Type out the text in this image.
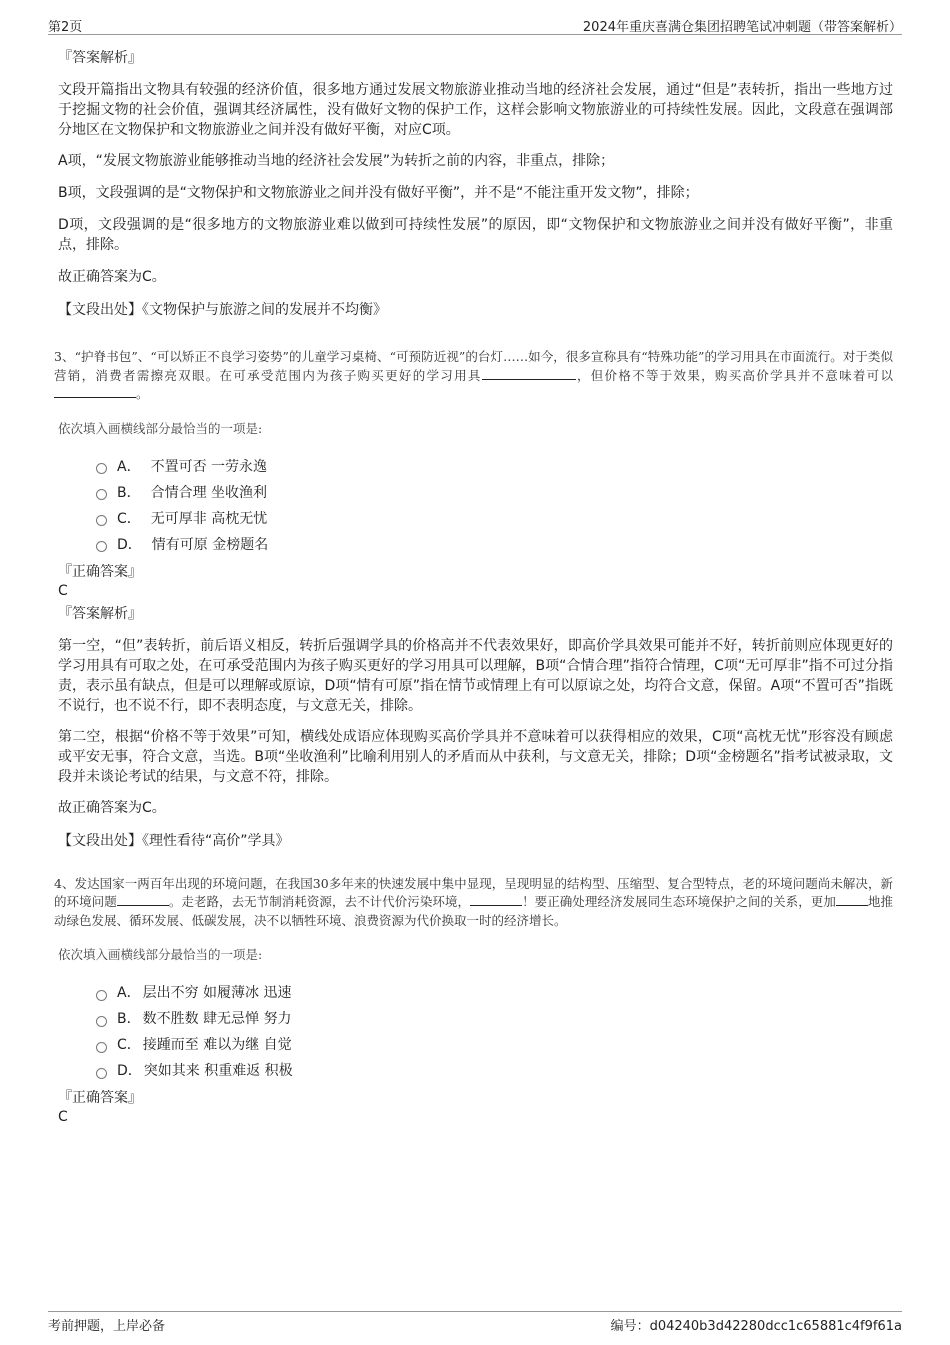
第2页	2024年重庆喜满仓集团招聘笔试冲刺题（带答案解析）

『答案解析』

文段开篇指出文物具有较强的经济价值，很多地方通过发展文物旅游业推动当地的经济社会发展，通过“但是”表转折，指出一些地方过于挖掘文物的社会价值，强调其经济属性，没有做好文物的保护工作，这样会影响文物旅游业的可持续性发展。因此，文段意在强调部分地区在文物保护和文物旅游业之间并没有做好平衡，对应C项。

A项，“发展文物旅游业能够推动当地的经济社会发展”为转折之前的内容，非重点，排除；

B项，文段强调的是“文物保护和文物旅游业之间并没有做好平衡”，并不是“不能注重开发文物”，排除；

D项，文段强调的是“很多地方的文物旅游业难以做到可持续性发展”的原因，即“文物保护和文物旅游业之间并没有做好平衡”，非重点，排除。

故正确答案为C。

【文段出处】《文物保护与旅游之间的发展并不均衡》

3、“护脊书包”、“可以矫正不良学习姿势”的儿童学习桌椅、“可预防近视”的台灯……如今，很多宣称具有“特殊功能”的学习用具在市面流行。对于类似营销，消费者需擦亮双眼。在可承受范围内为孩子购买更好的学习用具	，但价格不等于效果，购买高价学具并不意味着可以。

依次填入画横线部分最恰当的一项是:

A． 不置可否 一劳永逸
B． 合情合理 坐收渔利
C． 无可厚非 高枕无忧
D． 情有可原 金榜题名

『正确答案』

C

『答案解析』

第一空，“但”表转折，前后语义相反，转折后强调学具的价格高并不代表效果好，即高价学具效果可能并不好，转折前则应体现更好的学习用具有可取之处，在可承受范围内为孩子购买更好的学习用具可以理解，B项“合情合理”指符合情理，C项“无可厚非”指不可过分指责，表示虽有缺点，但是可以理解或原谅，D项“情有可原”指在情节或情理上有可以原谅之处，均符合文意，保留。A项“不置可否”指既不说行，也不说不行，即不表明态度，与文意无关，排除。

第二空，根据“价格不等于效果”可知，横线处成语应体现购买高价学具并不意味着可以获得相应的效果，C项“高枕无忧”形容没有顾虑或平安无事，符合文意，当选。B项“坐收渔利”比喻利用别人的矛盾而从中获利，与文意无关，排除；D项“金榜题名”指考试被录取，文段并未谈论考试的结果，与文意不符，排除。

故正确答案为C。

【文段出处】《理性看待“高价”学具》

4、发达国家一两百年出现的环境问题，在我国30多年来的快速发展中集中显现，呈现明显的结构型、压缩型、复合型特点，老的环境问题尚未解决，新的环境问题	。走老路，去无节制消耗资源，去不计代价污染环境，	！要正确处理经济发展同生态环境保护之间的关系，更加	地推动绿色发展、循环发展、低碳发展，决不以牺牲环境、浪费资源为代价换取一时的经济增长。

依次填入画横线部分最恰当的一项是:

A． 层出不穷 如履薄冰 迅速
B． 数不胜数 肆无忌惮 努力
C． 接踵而至 难以为继 自觉
D． 突如其来 积重难返 积极

『正确答案』

C

考前押题，上岸必备	编号：d04240b3d42280dcc1c65881c4f9f61a
